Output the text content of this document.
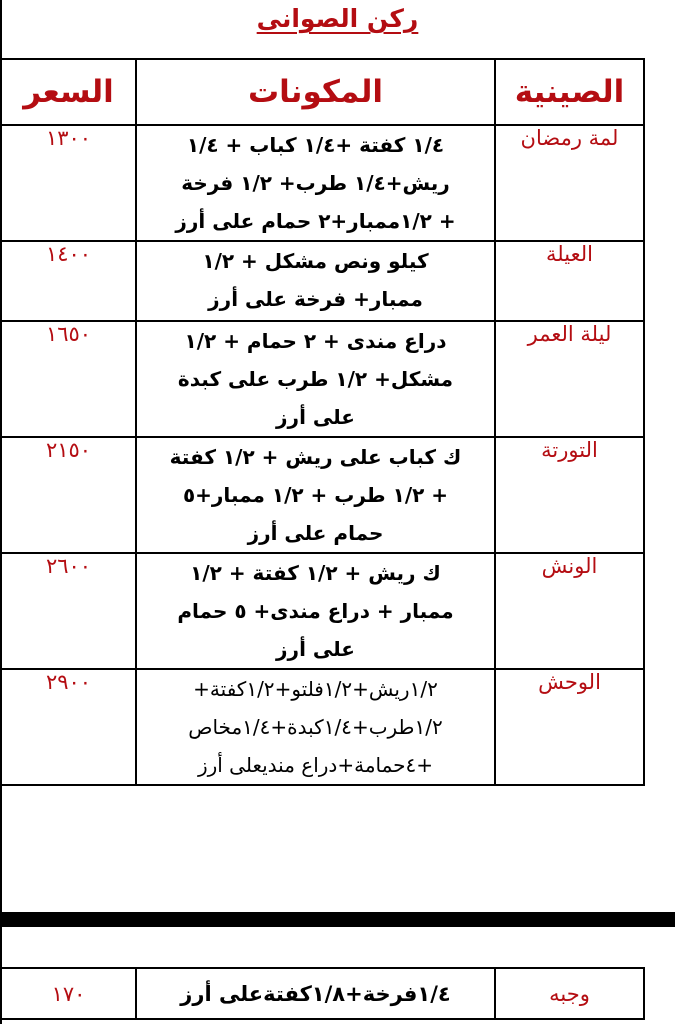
ركن الصوانى
السعر	المكونات	الصينية
١٣٠٠	١/٤ كفتة +١/٤ كباب + ١/٤
ريش+١/٤ طرب+ ١/٢ فرخة
+ ١/٢ممبار+٢ حمام على أرز	لمة رمضان
١٤٠٠	كيلو ونص مشكل + ١/٢
ممبار+ فرخة على أرز	العيلة
١٦٥٠	دراع مندى + ٢ حمام + ١/٢
مشكل+ ١/٢ طرب على كبدة
على أرز	ليلة العمر
٢١٥٠	ك كباب على ريش + ١/٢ كفتة
+ ١/٢ طرب + ١/٢ ممبار+٥
حمام على أرز	التورتة
٢٦٠٠	ك ريش + ١/٢ كفتة + ١/٢
ممبار + دراع مندى+ ٥ حمام
على أرز	الونش
٢٩٠٠	١/٢ريش+١/٢فلتو+١/٢كفتة+
١/٢طرب+١/٤كبدة+١/٤مخاص
+٤حمامة+دراع منديعلى أرز	الوحش
١٧٠	١/٤فرخة+١/٨كفتةعلى أرز	وجبه
